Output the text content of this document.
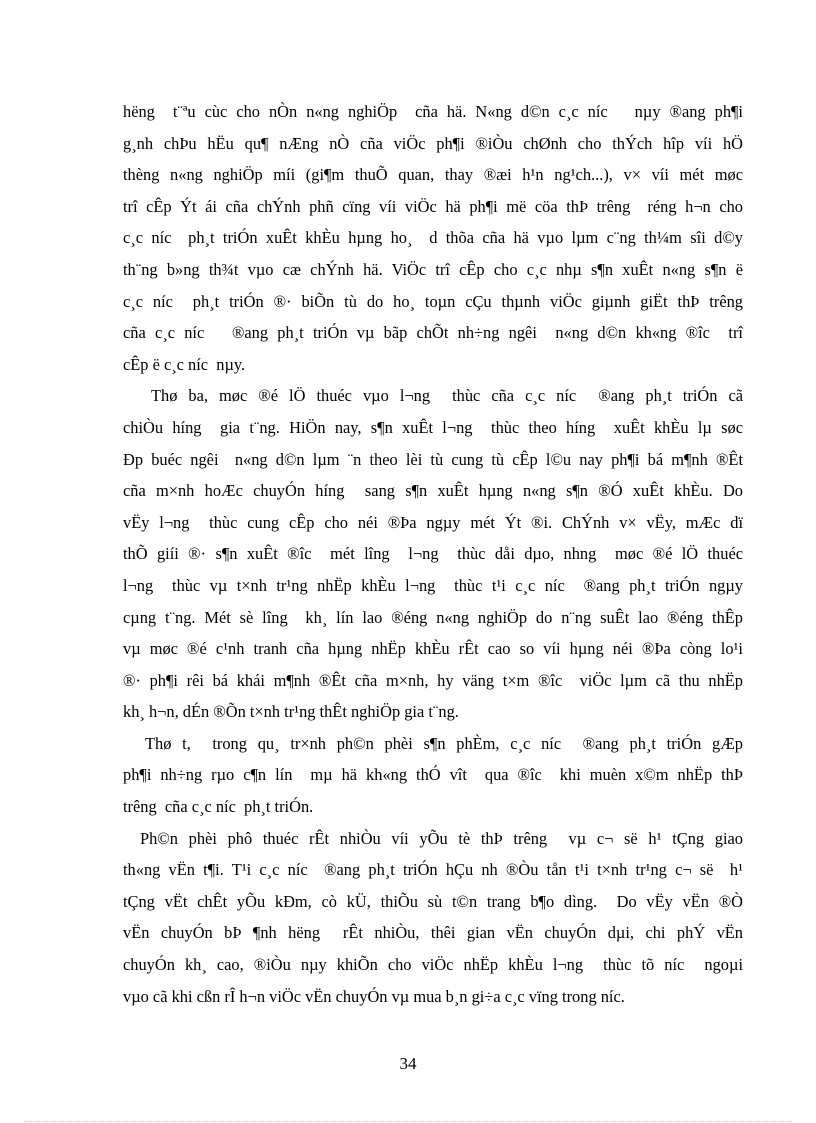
hëng  t¨ªu cùc cho nÒn n«ng nghiÖp  cña hä. N«ng d©n c¸c níc   nµy ®ang ph¶i
g¸nh chÞu hËu qu¶ nÆng nÒ cña viÖc ph¶i ®iÒu chØnh cho thÝch hîp víi hÖ
thèng n«ng nghiÖp míi (gi¶m thuÕ quan, thay ®æi h¹n ng¹ch...), v× víi mét møc
trî cÊp Ýt ái cña chÝnh phñ cïng víi viÖc hä ph¶i më cöa thÞ trêng  réng h¬n cho
c¸c níc  ph¸t triÓn xuÊt khÈu hµng ho¸  d thõa cña hä vµo lµm c¨ng th¼m sîi d©y
th¨ng b»ng th¾t vµo cæ chÝnh hä. ViÖc trî cÊp cho c¸c nhµ s¶n xuÊt n«ng s¶n ë
c¸c níc  ph¸t triÓn ®· biÕn tù do ho¸ toµn cÇu thµnh viÖc giµnh giËt thÞ trêng
cña c¸c níc   ®ang ph¸t triÓn vµ bãp chÕt nh÷ng ngêi  n«ng d©n kh«ng ®îc  trî
cÊp ë c¸c níc  nµy.
Thø ba, møc ®é lÖ thuéc vµo l¬ng  thùc cña c¸c níc  ®ang ph¸t triÓn cã
chiÒu híng  gia t¨ng. HiÖn nay, s¶n xuÊt l¬ng  thùc theo híng  xuÊt khÈu lµ søc
Ðp buéc ngêi  n«ng d©n lµm ¨n theo lèi tù cung tù cÊp l©u nay ph¶i bá m¶nh ®Êt
cña m×nh hoÆc chuyÓn híng  sang s¶n xuÊt hµng n«ng s¶n ®Ó xuÊt khÈu. Do
vËy l¬ng  thùc cung cÊp cho néi ®Þa ngµy mét Ýt ®i. ChÝnh v× vËy, mÆc dï
thÕ giíi ®· s¶n xuÊt ®îc  mét lîng  l¬ng  thùc dåi dµo, nhng  møc ®é lÖ thuéc
l¬ng  thùc vµ t×nh tr¹ng nhËp khÈu l¬ng  thùc t¹i c¸c níc  ®ang ph¸t triÓn ngµy
cµng t¨ng. Mét sè lîng  kh¸ lín lao ®éng n«ng nghiÖp do n¨ng suÊt lao ®éng thÊp
vµ møc ®é c¹nh tranh cña hµng nhËp khÈu rÊt cao so víi hµng néi ®Þa còng lo¹i
®· ph¶i rêi bá khái m¶nh ®Êt cña m×nh, hy väng t×m ®îc  viÖc lµm cã thu nhËp
kh¸ h¬n, dÉn ®Õn t×nh tr¹ng thÊt nghiÖp gia t¨ng.
Thø t,  trong qu¸ tr×nh ph©n phèi s¶n phÈm, c¸c níc  ®ang ph¸t triÓn gÆp
ph¶i nh÷ng rµo c¶n lín  mµ hä kh«ng thÓ vît  qua ®îc  khi muèn x©m nhËp thÞ
trêng  cña c¸c níc  ph¸t triÓn.
Ph©n phèi phô thuéc rÊt nhiÒu víi yÕu tè thÞ trêng  vµ c¬ së h¹ tÇng giao
th«ng vËn t¶i. T¹i c¸c níc  ®ang ph¸t triÓn hÇu nh ®Òu tån t¹i t×nh tr¹ng c¬ së  h¹
tÇng vËt chÊt yÕu kÐm, cò kÜ, thiÕu sù t©n trang b¶o dìng.  Do vËy vËn ®Ò
vËn chuyÓn bÞ ¶nh hëng  rÊt nhiÒu, thêi gian vËn chuyÓn dµi, chi phÝ vËn
chuyÓn kh¸ cao, ®iÒu nµy khiÕn cho viÖc nhËp khÈu l¬ng  thùc tõ níc  ngoµi
vµo cã khi cßn rÎ h¬n viÖc vËn chuyÓn vµ mua b¸n gi÷a c¸c vïng trong níc.
34
